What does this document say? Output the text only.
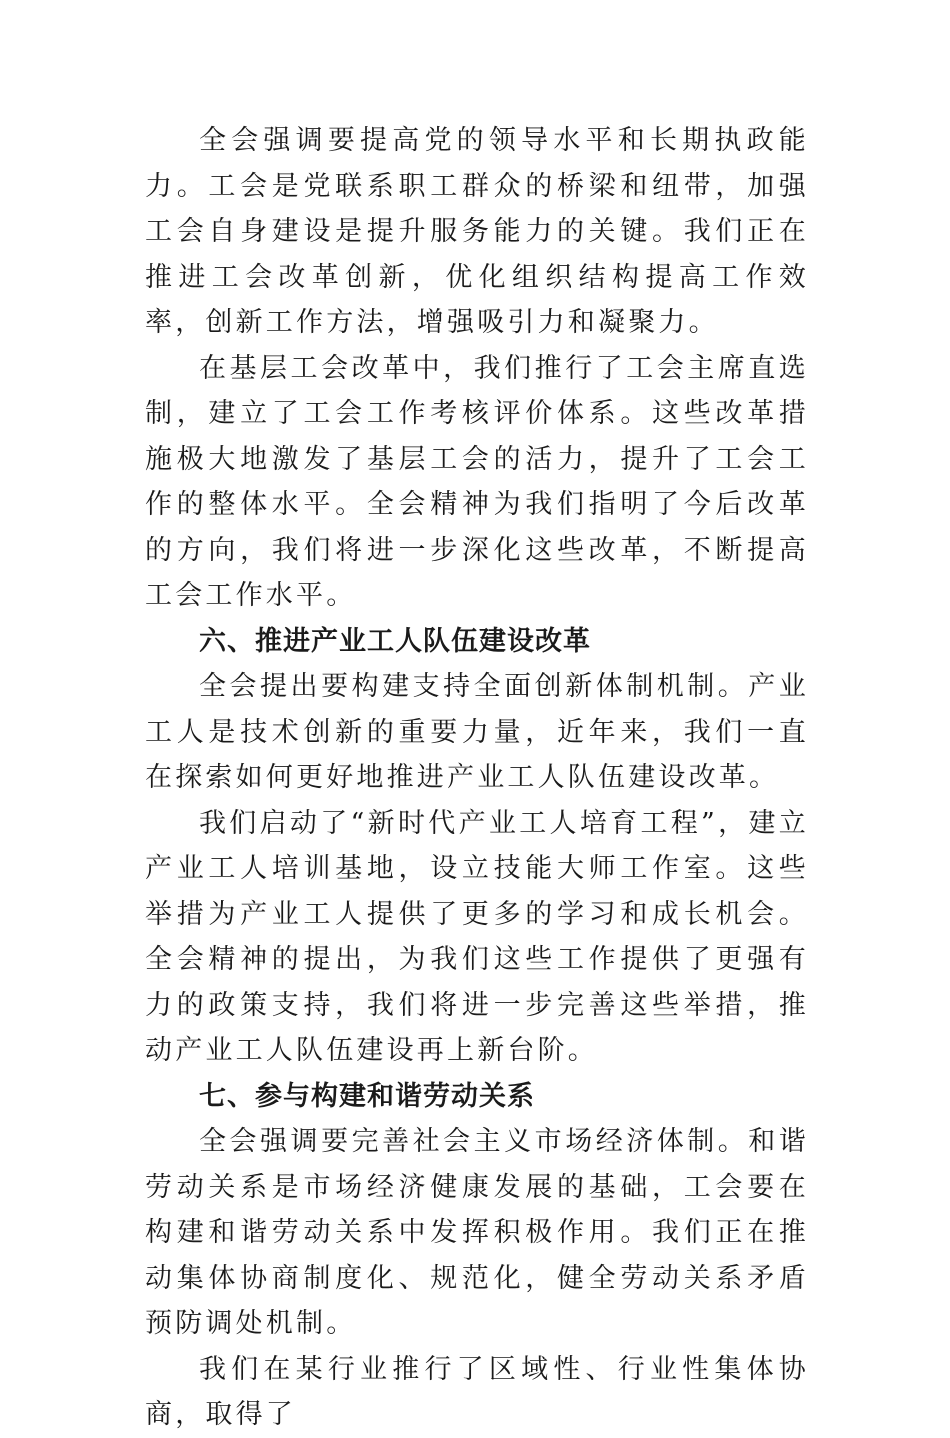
全会强调要提高党的领导水平和长期执政能力。工会是党联系职工群众的桥梁和纽带，加强工会自身建设是提升服务能力的关键。我们正在推进工会改革创新，优化组织结构提高工作效率，创新工作方法，增强吸引力和凝聚力。

在基层工会改革中，我们推行了工会主席直选制，建立了工会工作考核评价体系。这些改革措施极大地激发了基层工会的活力，提升了工会工作的整体水平。全会精神为我们指明了今后改革的方向，我们将进一步深化这些改革，不断提高工会工作水平。

六、推进产业工人队伍建设改革

全会提出要构建支持全面创新体制机制。产业工人是技术创新的重要力量，近年来，我们一直在探索如何更好地推进产业工人队伍建设改革。

我们启动了“新时代产业工人培育工程”，建立产业工人培训基地，设立技能大师工作室。这些举措为产业工人提供了更多的学习和成长机会。全会精神的提出，为我们这些工作提供了更强有力的政策支持，我们将进一步完善这些举措，推动产业工人队伍建设再上新台阶。

七、参与构建和谐劳动关系

全会强调要完善社会主义市场经济体制。和谐劳动关系是市场经济健康发展的基础，工会要在构建和谐劳动关系中发挥积极作用。我们正在推动集体协商制度化、规范化，健全劳动关系矛盾预防调处机制。

我们在某行业推行了区域性、行业性集体协商，取得了
